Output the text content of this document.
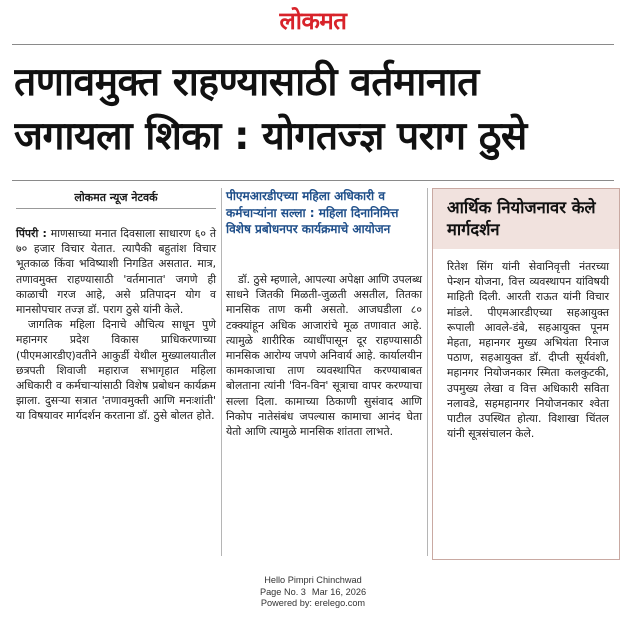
लोकमत
तणावमुक्त राहण्यासाठी वर्तमानात
जगायला शिका : योगतज्ज्ञ पराग ठुसे
लोकमत न्यूज नेटवर्क

पिंपरी : माणसाच्या मनात दिवसाला साधारण ६० ते ७० हजार विचार येतात. त्यापैकी बहुतांश विचार भूतकाळ किंवा भविष्याशी निगडित असतात. मात्र, तणावमुक्त राहण्यासाठी 'वर्तमानात' जगणे ही काळाची गरज आहे, असे प्रतिपादन योग व मानसोपचार तज्ज्ञ डॉ. पराग ठुसे यांनी केले.

जागतिक महिला दिनाचे औचित्य साधून पुणे महानगर प्रदेश विकास प्राधिकरणाच्या (पीएमआरडीए)वतीने आकुर्डी येथील मुख्यालयातील छत्रपती शिवाजी महाराज सभागृहात महिला अधिकारी व कर्मचाऱ्यांसाठी विशेष प्रबोधन कार्यक्रम झाला. दुसऱ्या सत्रात 'तणावमुक्ती आणि मनःशांती' या विषयावर मार्गदर्शन करताना डॉ. ठुसे बोलत होते.

पीएमआरडीएच्या महिला अधिकारी व कर्मचाऱ्यांना सल्ला : महिला दिनानिमित्त विशेष प्रबोधनपर कार्यक्रमाचे आयोजन

डॉ. ठुसे म्हणाले, आपल्या अपेक्षा आणि उपलब्ध साधने जितकी मिळती-जुळती असतील, तितका मानसिक ताण कमी असतो. आजघडीला ८० टक्क्यांहून अधिक आजारांचे मूळ तणावात आहे. त्यामुळे शारीरिक व्याधींपासून दूर राहण्यासाठी मानसिक आरोग्य जपणे अनिवार्य आहे. कार्यालयीन कामकाजाचा ताण व्यवस्थापित करण्याबाबत बोलताना त्यांनी 'विन-विन' सूत्राचा वापर करण्याचा सल्ला दिला. कामाच्या ठिकाणी सुसंवाद आणि निकोप नातेसंबंध जपल्यास कामाचा आनंद घेता येतो आणि त्यामुळे मानसिक शांतता लाभते.

आर्थिक नियोजनावर केले मार्गदर्शन
रितेश सिंग यांनी सेवानिवृत्ती नंतरच्या पेन्शन योजना, वित्त व्यवस्थापन यांविषयी माहिती दिली. आरती राऊत यांनी विचार मांडले. पीएमआरडीएच्या सहआयुक्त रूपाली आवले-डंबे, सहआयुक्त पूनम मेहता, महानगर मुख्य अभियंता रिनाज पठाण, सहआयुक्त डॉ. दीप्ती सूर्यवंशी, महानगर नियोजनकार स्मिता कलकुटकी, उपमुख्य लेखा व वित्त अधिकारी सविता नलावडे, सहमहानगर नियोजनकार श्वेता पाटील उपस्थित होत्या. विशाखा चिंतल यांनी सूत्रसंचालन केले.
Hello Pimpri Chinchwad
Page No. 3 Mar 16, 2026
Powered by: erelego.com
